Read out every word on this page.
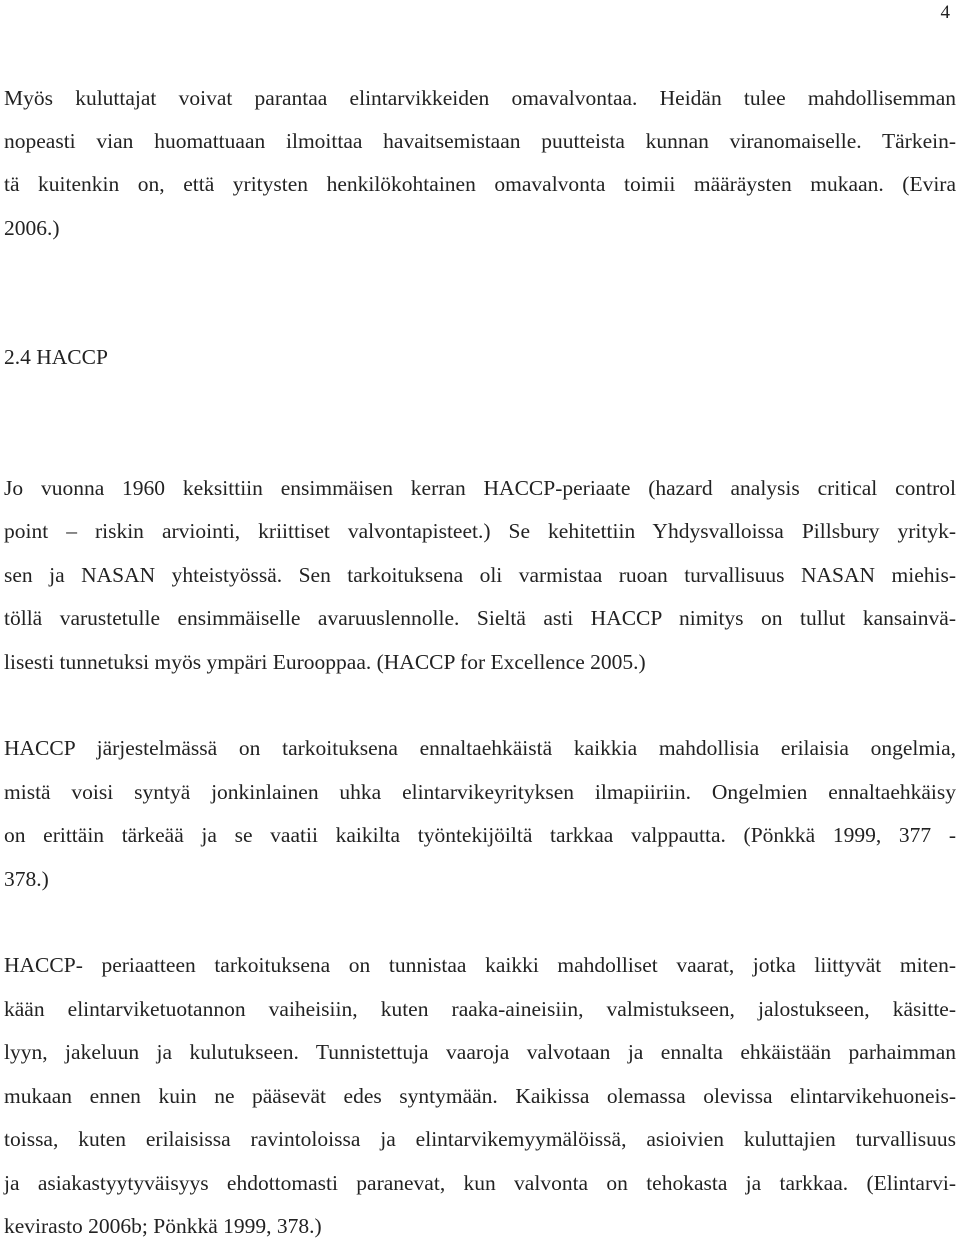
4
Myös kuluttajat voivat parantaa elintarvikkeiden omavalvontaa. Heidän tulee mahdollisemman
nopeasti vian huomattuaan ilmoittaa havaitsemistaan puutteista kunnan viranomaiselle. Tärkein-
tä kuitenkin on, että yritysten henkilökohtainen omavalvonta toimii määräysten mukaan. (Evira
2006.)
2.4 HACCP
Jo vuonna 1960 keksittiin ensimmäisen kerran HACCP-periaate (hazard analysis critical control
point – riskin arviointi, kriittiset valvontapisteet.) Se kehitettiin Yhdysvalloissa Pillsbury yrityk-
sen ja NASAN yhteistyössä. Sen tarkoituksena oli varmistaa ruoan turvallisuus NASAN miehis-
töllä varustetulle ensimmäiselle avaruuslennolle. Sieltä asti HACCP nimitys on tullut kansainvä-
lisesti tunnetuksi myös ympäri Eurooppaa. (HACCP for Excellence 2005.)
HACCP järjestelmässä on tarkoituksena ennaltaehkäistä kaikkia mahdollisia erilaisia ongelmia,
mistä voisi syntyä jonkinlainen uhka elintarvikeyrityksen ilmapiiriin. Ongelmien ennaltaehkäisy
on erittäin tärkeää ja se vaatii kaikilta työntekijöiltä tarkkaa valppautta. (Pönkkä 1999, 377 -
378.)
HACCP- periaatteen tarkoituksena on tunnistaa kaikki mahdolliset vaarat, jotka liittyvät miten-
kään elintarviketuotannon vaiheisiin, kuten raaka-aineisiin, valmistukseen, jalostukseen, käsitte-
lyyn, jakeluun ja kulutukseen. Tunnistettuja vaaroja valvotaan ja ennalta ehkäistään parhaimman
mukaan ennen kuin ne pääsevät edes syntymään. Kaikissa olemassa olevissa elintarvikehuoneis-
toissa, kuten erilaisissa ravintoloissa ja elintarvikemyymälöissä, asioivien kuluttajien turvallisuus
ja asiakastyytyväisyys ehdottomasti paranevat, kun valvonta on tehokasta ja tarkkaa. (Elintarvi-
kevirasto 2006b; Pönkkä 1999, 378.)
